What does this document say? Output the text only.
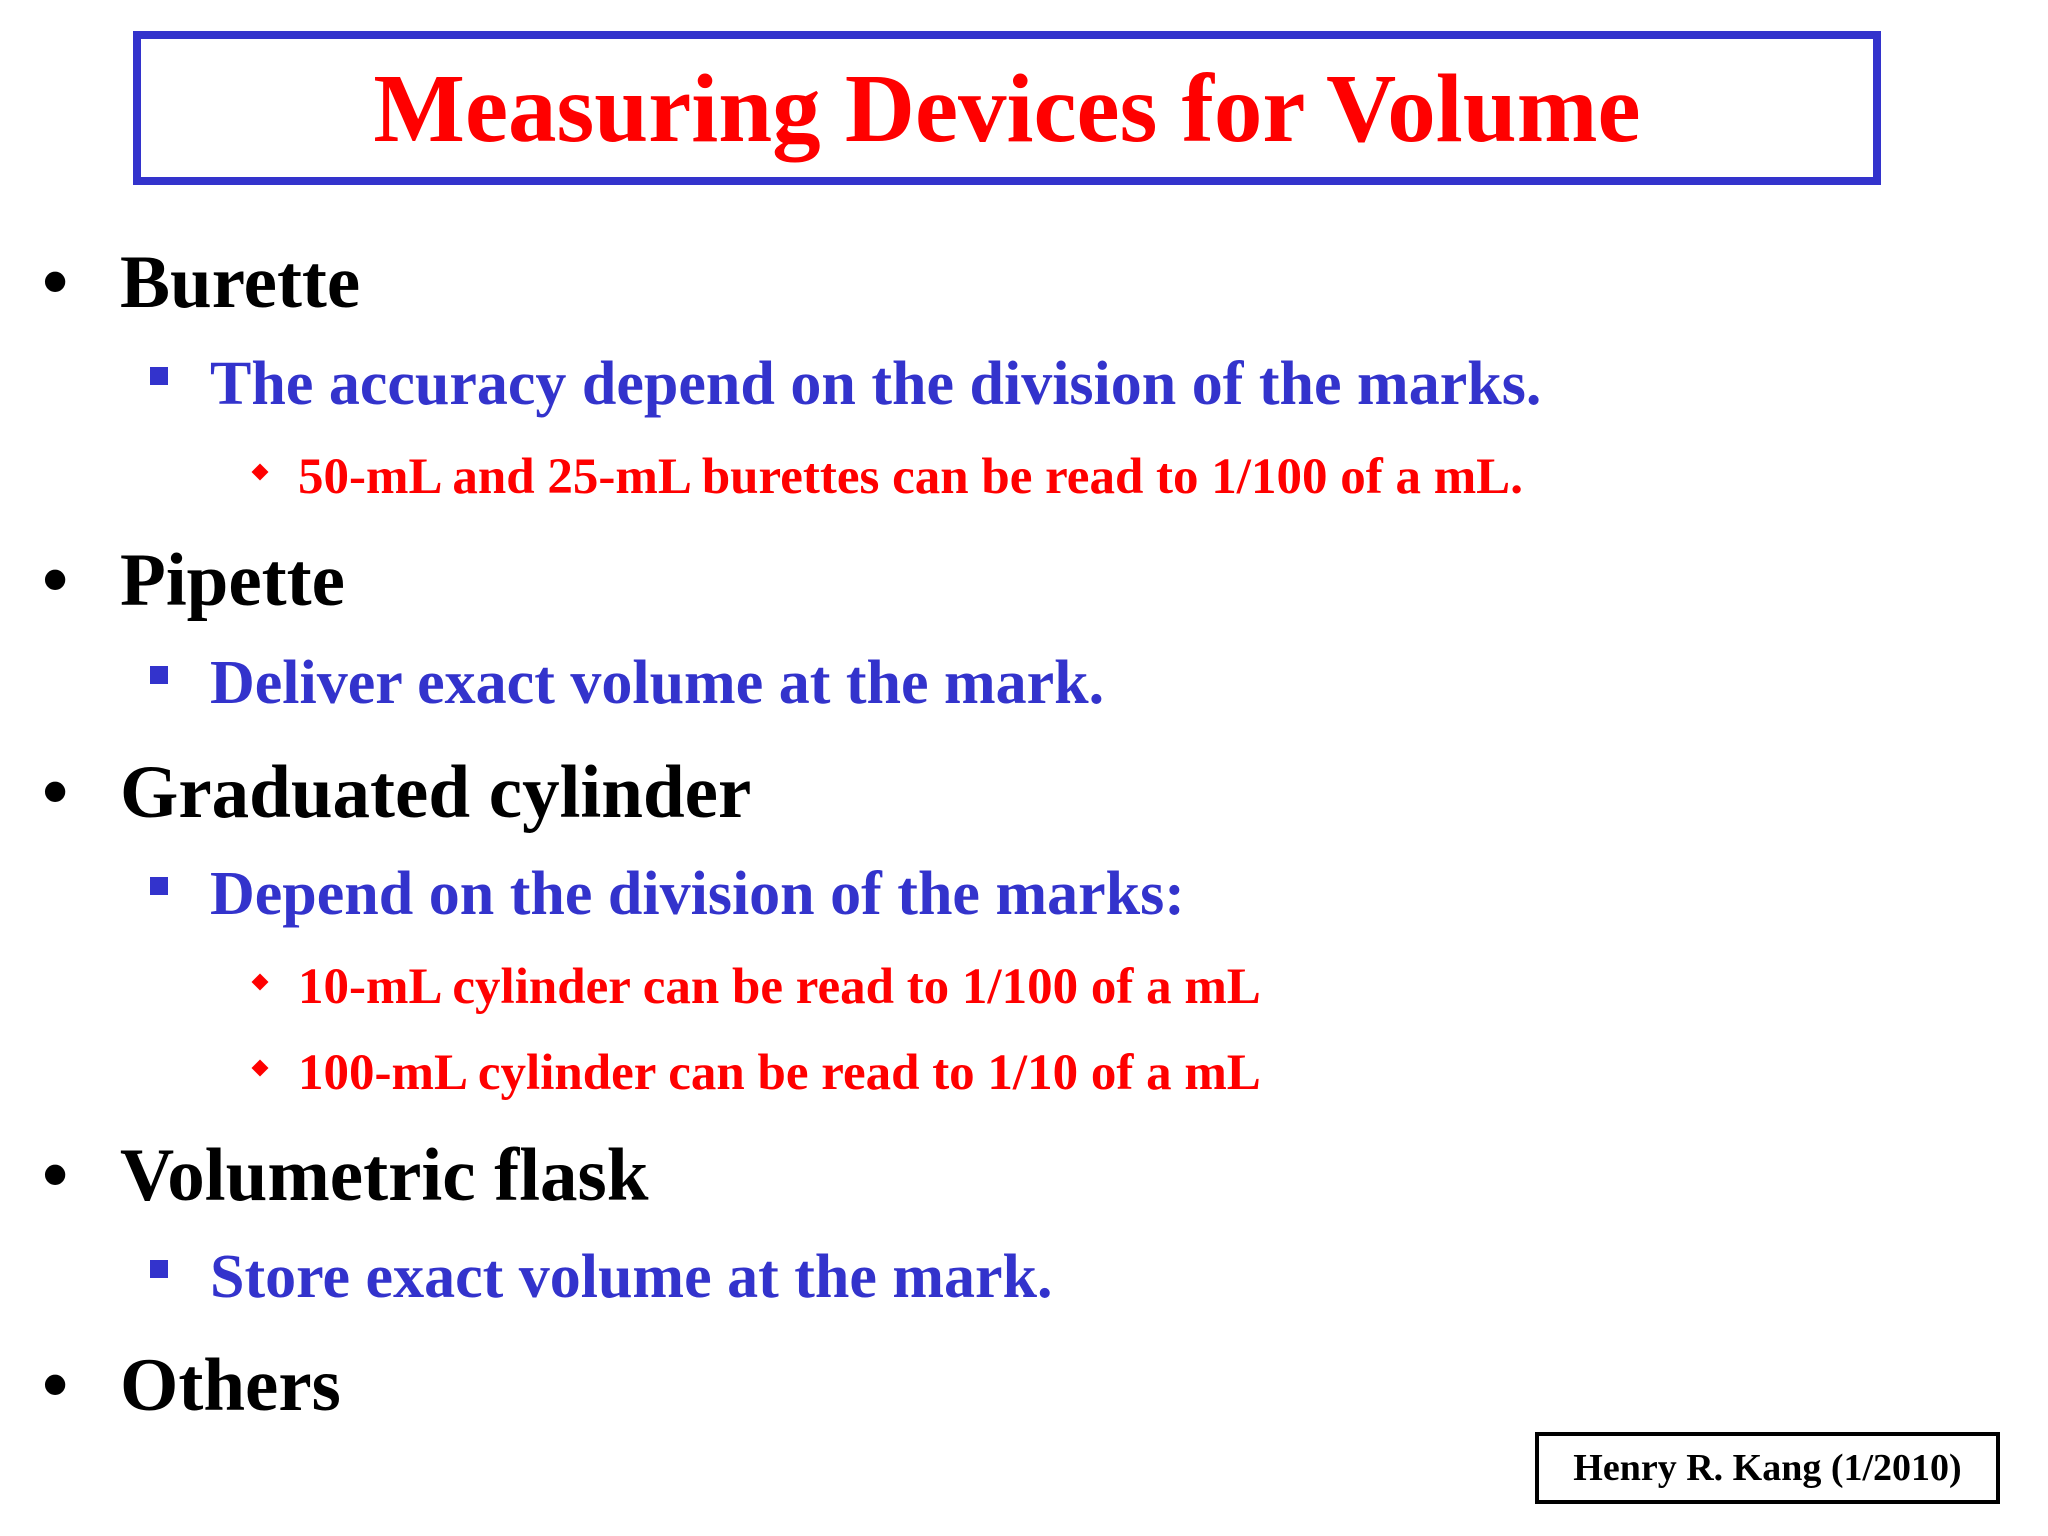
Measuring Devices for Volume
• Burette
The accuracy depend on the division of the marks.
50-mL and 25-mL burettes can be read to 1/100 of a mL.
• Pipette
Deliver exact volume at the mark.
• Graduated cylinder
Depend on the division of the marks:
10-mL cylinder can be read to 1/100 of a mL
100-mL cylinder can be read to 1/10 of a mL
• Volumetric flask
Store exact volume at the mark.
• Others
Henry R. Kang (1/2010)
